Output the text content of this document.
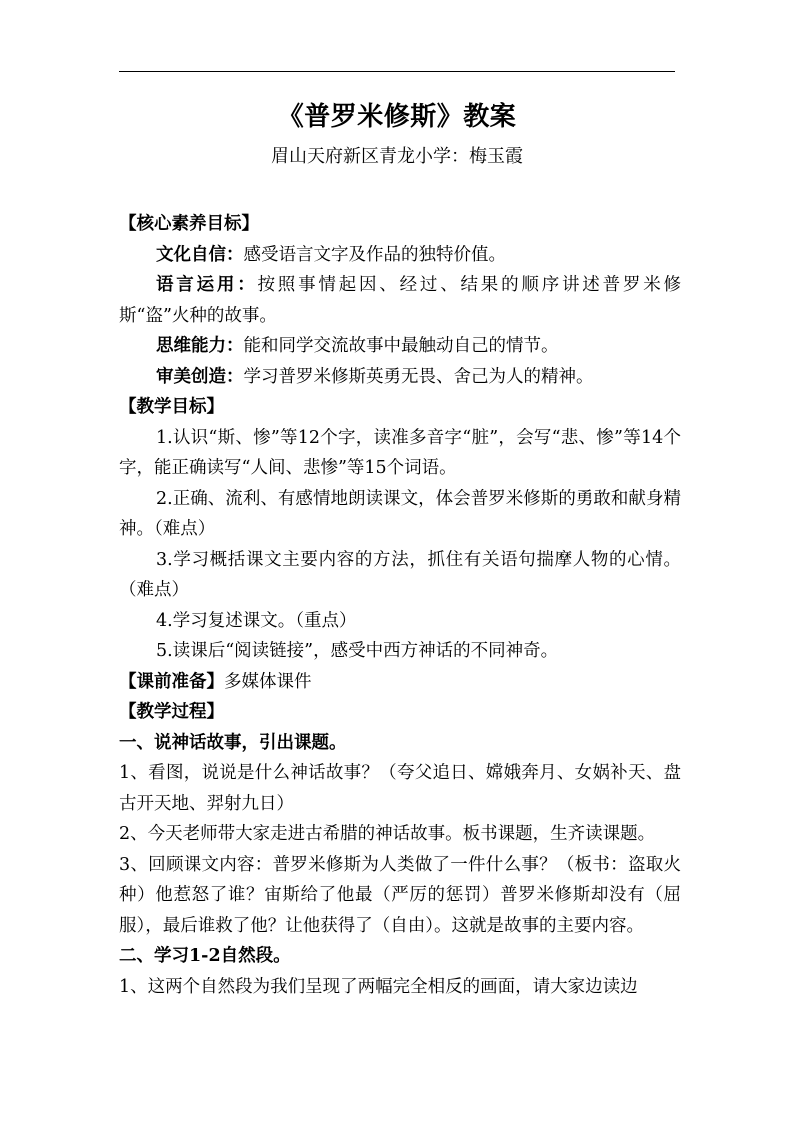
《普罗米修斯》教案
眉山天府新区青龙小学：梅玉霞

【核心素养目标】

文化自信：感受语言文字及作品的独特价值。

语言运用：按照事情起因、经过、结果的顺序讲述普罗米修斯“盗”火种的故事。

思维能力：能和同学交流故事中最触动自己的情节。

审美创造：学习普罗米修斯英勇无畏、舍己为人的精神。

【教学目标】

1.认识“斯、惨”等12个字，读准多音字“脏”，会写“悲、惨”等14个字，能正确读写“人间、悲惨”等15个词语。

2.正确、流利、有感情地朗读课文，体会普罗米修斯的勇敢和献身精神。（难点）

3.学习概括课文主要内容的方法，抓住有关语句揣摩人物的心情。（难点）

4.学习复述课文。（重点）

5.读课后“阅读链接”，感受中西方神话的不同神奇。

【课前准备】多媒体课件

【教学过程】

一、说神话故事，引出课题。

1、看图，说说是什么神话故事？（夸父追日、嫦娥奔月、女娲补天、盘古开天地、羿射九日）

2、今天老师带大家走进古希腊的神话故事。板书课题，生齐读课题。

3、回顾课文内容：普罗米修斯为人类做了一件什么事？（板书：盗取火种）他惹怒了谁？宙斯给了他最（严厉的惩罚）普罗米修斯却没有（屈服），最后谁救了他？让他获得了（自由）。这就是故事的主要内容。

二、学习1-2自然段。

1、这两个自然段为我们呈现了两幅完全相反的画面，请大家边读边
